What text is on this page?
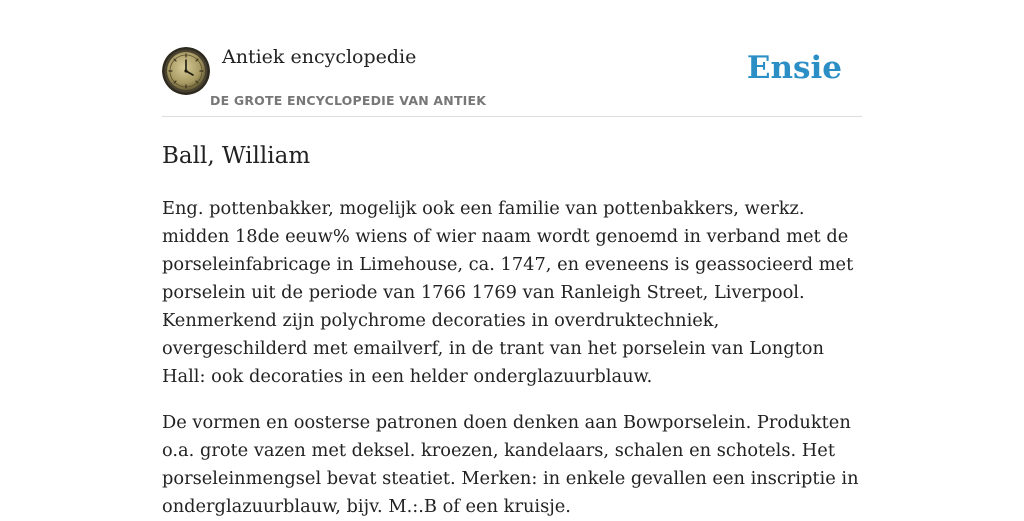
Antiek encyclopedie
DE GROTE ENCYCLOPEDIE VAN ANTIEK
Ensie
Ball, William

Eng. pottenbakker, mogelijk ook een familie van pottenbakkers, werkz. midden 18de eeuw% wiens of wier naam wordt genoemd in verband met de porseleinfabricage in Limehouse, ca. 1747, en eveneens is geassocieerd met porselein uit de periode van 1766 1769 van Ranleigh Street, Liverpool. Kenmerkend zijn polychrome decoraties in overdruktechniek, overgeschilderd met emailverf, in de trant van het porselein van Longton Hall: ook decoraties in een helder onderglazuurblauw.

De vormen en oosterse patronen doen denken aan Bowporselein. Produkten o.a. grote vazen met deksel. kroezen, kandelaars, schalen en schotels. Het porseleinmengsel bevat steatiet. Merken: in enkele gevallen een inscriptie in onderglazuurblauw, bijv. M.:.B of een kruisje.
